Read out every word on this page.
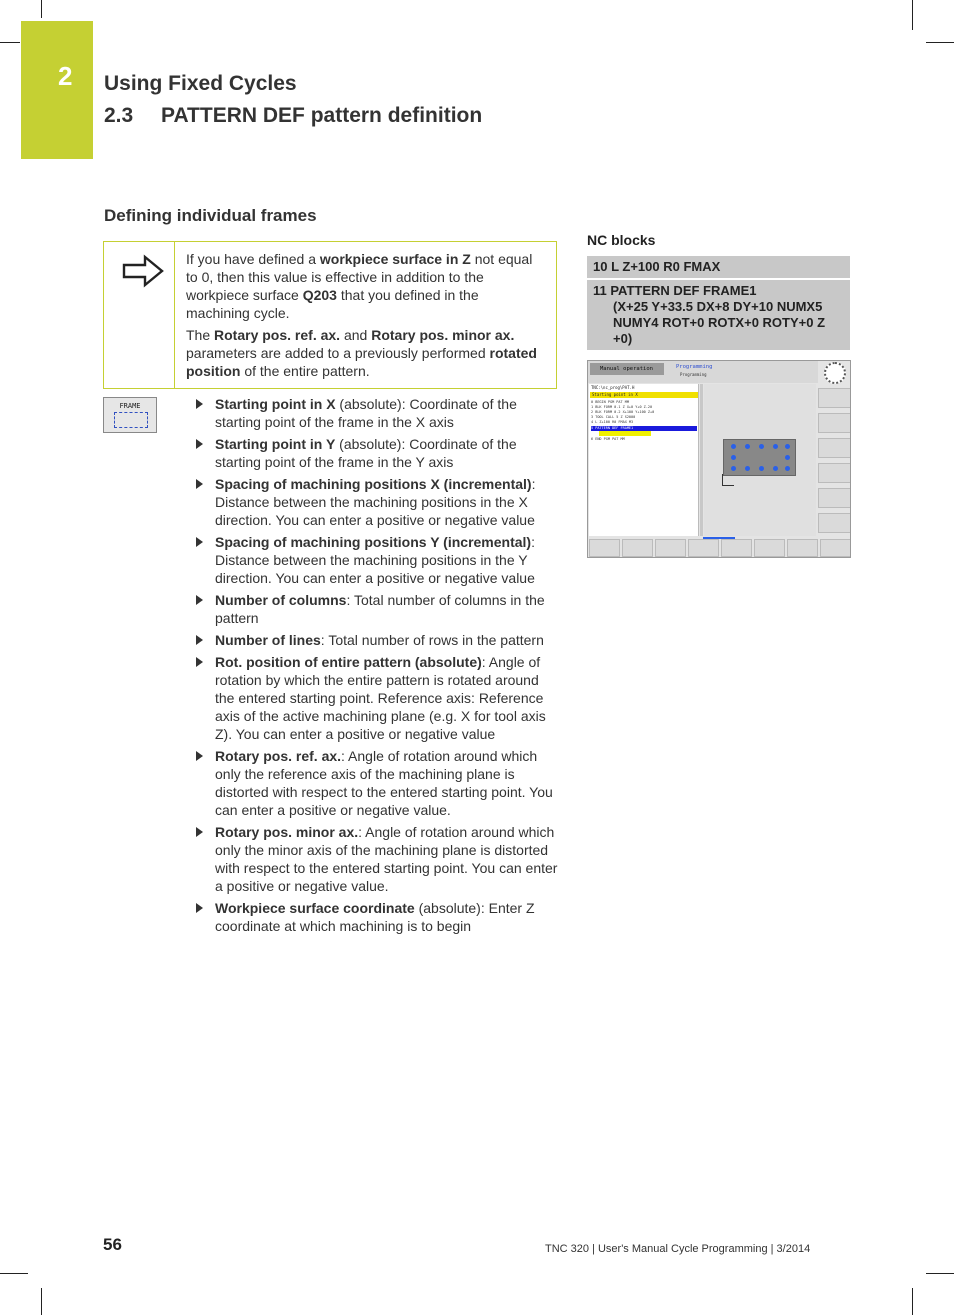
2	Using Fixed Cycles
2.3 PATTERN DEF pattern definition
Defining individual frames

If you have defined a workpiece surface in Z not equal to 0, then this value is effective in addition to the workpiece surface Q203 that you defined in the machining cycle.

The Rotary pos. ref. ax. and Rotary pos. minor ax. parameters are added to a previously performed rotated position of the entire pattern.

FRAME	Starting point in X (absolute): Coordinate of the starting point of the frame in the X axis
Starting point in Y (absolute): Coordinate of the starting point of the frame in the Y axis
Spacing of machining positions X (incremental): Distance between the machining positions in the X direction. You can enter a positive or negative value
Spacing of machining positions Y (incremental): Distance between the machining positions in the Y direction. You can enter a positive or negative value
Number of columns: Total number of columns in the pattern
Number of lines: Total number of rows in the pattern
Rot. position of entire pattern (absolute): Angle of rotation by which the entire pattern is rotated around the entered starting point. Reference axis: Reference axis of the active machining plane (e.g. X for tool axis Z). You can enter a positive or negative value
Rotary pos. ref. ax.: Angle of rotation around which only the reference axis of the machining plane is distorted with respect to the entered starting point. You can enter a positive or negative value.
Rotary pos. minor ax.: Angle of rotation around which only the minor axis of the machining plane is distorted with respect to the entered starting point. You can enter a positive or negative value.
Workpiece surface coordinate (absolute): Enter Z coordinate at which machining is to begin
NC blocks
10 L Z+100 R0 FMAX
11 PATTERN DEF FRAME1
(X+25 Y+33.5 DX+8 DY+10 NUMX5 NUMY4 ROT+0 ROTX+0 ROTY+0 Z +0)
Manual operation	Programming
Programming
TNC:\nc_prog\PAT.H
Starting point in X
0 BEGIN PGM PAT MM
1 BLK FORM 0.1 Z X+0 Y+0 Z-20
2 BLK FORM 0.2 X+100 Y+100 Z+0
3 TOOL CALL 5 Z S2000
4 L Z+100 R0 FMAX M3
5 PATTERN DEF FRAME1
6 END PGM PAT MM
56	TNC 320 | User's Manual Cycle Programming | 3/2014
